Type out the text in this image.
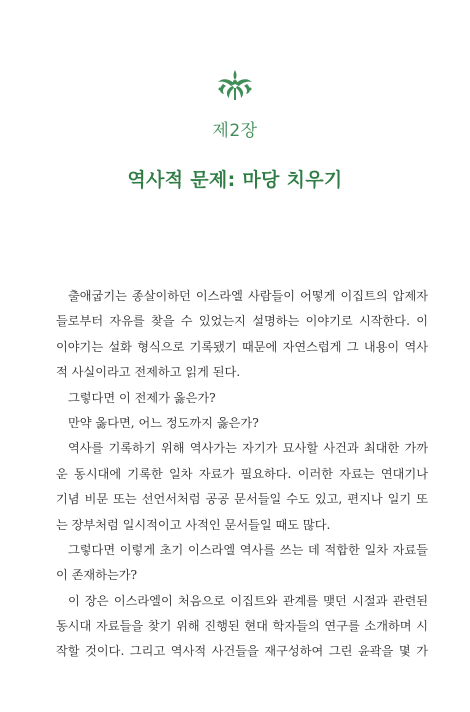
제2장
역사적 문제: 마당 치우기
출애굽기는 종살이하던 이스라엘 사람들이 어떻게 이집트의 압제자
들로부터 자유를 찾을 수 있었는지 설명하는 이야기로 시작한다. 이
이야기는 설화 형식으로 기록됐기 때문에 자연스럽게 그 내용이 역사
적 사실이라고 전제하고 읽게 된다.
그렇다면 이 전제가 옳은가?
만약 옳다면, 어느 정도까지 옳은가?
역사를 기록하기 위해 역사가는 자기가 묘사할 사건과 최대한 가까
운 동시대에 기록한 일차 자료가 필요하다. 이러한 자료는 연대기나
기념 비문 또는 선언서처럼 공공 문서들일 수도 있고, 편지나 일기 또
는 장부처럼 일시적이고 사적인 문서들일 때도 많다.
그렇다면 이렇게 초기 이스라엘 역사를 쓰는 데 적합한 일차 자료들
이 존재하는가?
이 장은 이스라엘이 처음으로 이집트와 관계를 맺던 시절과 관련된
동시대 자료들을 찾기 위해 진행된 현대 학자들의 연구를 소개하며 시
작할 것이다. 그리고 역사적 사건들을 재구성하여 그린 윤곽을 몇 가
